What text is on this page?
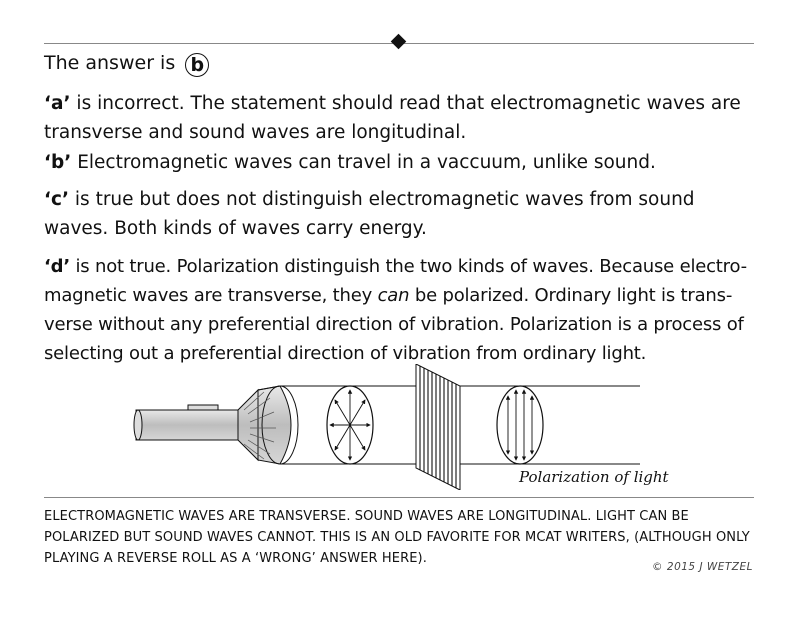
The answer is b
‘a’ is incorrect. The statement should read that electromagnetic waves are transverse and sound waves are longitudinal.
‘b’ Electromagnetic waves can travel in a vaccuum, unlike sound.
‘c’ is true but does not distinguish electromagnetic waves from sound waves. Both kinds of waves carry energy.
‘d’ is not true. Polarization distinguish the two kinds of waves. Because electro-magnetic waves are transverse, they can be polarized. Ordinary light is trans-verse without any preferential direction of vibration. Polarization is a process of selecting out a preferential direction of vibration from ordinary light.
Polarization of light
ELECTROMAGNETIC WAVES ARE TRANSVERSE. SOUND WAVES ARE LONGITUDINAL. LIGHT CAN BE POLARIZED BUT SOUND WAVES CANNOT. THIS IS AN OLD FAVORITE FOR MCAT WRITERS, (ALTHOUGH ONLY PLAYING A REVERSE ROLL AS A ‘WRONG’ ANSWER HERE).
© 2015 J WETZEL
